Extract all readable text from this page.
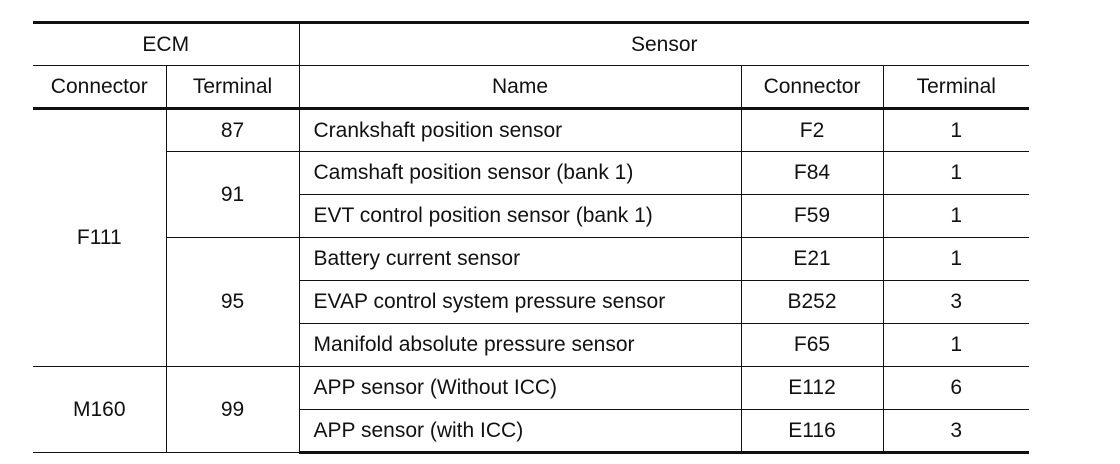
ECM		Sensor		
Connector	Terminal	Name	Connector	Terminal
F111	87	Crankshaft position sensor	F2	1
	91	Camshaft position sensor (bank 1)	F84	1
		EVT control position sensor (bank 1)	F59	1
	95	Battery current sensor	E21	1
		EVAP control system pressure sensor	B252	3
		Manifold absolute pressure sensor	F65	1
M160	99	APP sensor (Without ICC)	E112	6
		APP sensor (with ICC)	E116	3
